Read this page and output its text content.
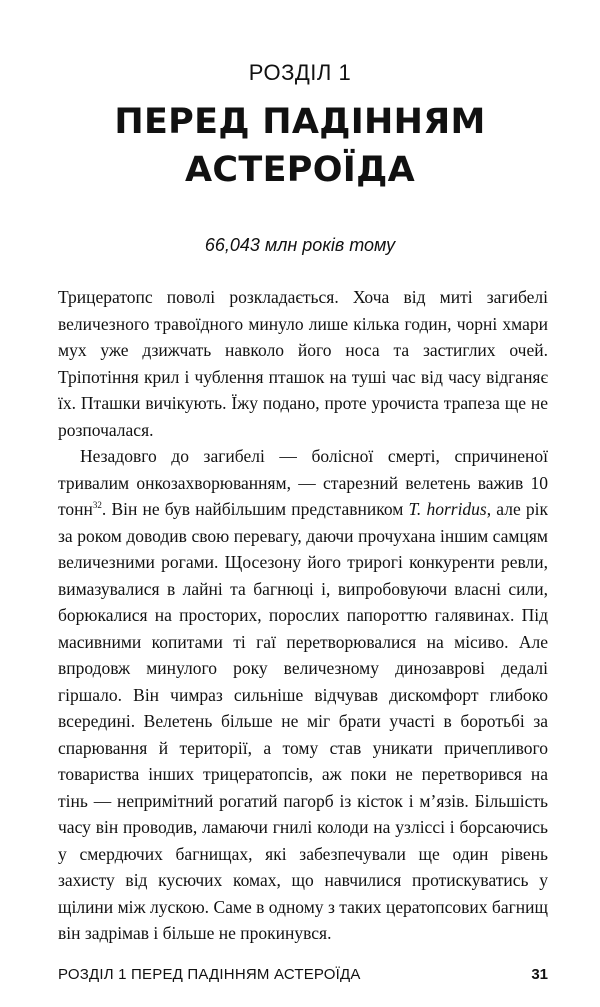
РОЗДІЛ 1
ПЕРЕД ПАДІННЯМ
АСТЕРОЇДА
66,043 млн років тому

Трицератопс поволі розкладається. Хоча від миті загибелі величезного травоїдного минуло лише кілька годин, чорні хмари мух уже дзижчать навколо його носа та застиглих очей. Тріпотіння крил і чублення пташок на туші час від часу відганяє їх. Пташки вичікують. Їжу подано, проте урочиста трапеза ще не розпочалася.

Незадовго до загибелі — болісної смерті, спричиненої тривалим онкозахворюванням, — старезний велетень важив 10 тонн$^{32}$. Він не був найбільшим представником T. horridus, але рік за роком доводив свою перевагу, даючи прочухана іншим самцям величезними рогами. Щосезону його трирогі конкуренти ревли, вимазувалися в лайні та багнюці і, випробовуючи власні сили, борюкалися на просторих, порослих папороттю галявинах. Під масивними копитами ті гаї перетворювалися на місиво. Але впродовж минулого року величезному динозаврові дедалі гіршало. Він чимраз сильніше відчував дискомфорт глибоко всередині. Велетень більше не міг брати участі в боротьбі за спарювання й території, а тому став уникати причепливого товариства інших трицератопсів, аж поки не перетворився на тінь — непримітний рогатий пагорб із кісток і м’язів. Більшість часу він проводив, ламаючи гнилі колоди на узліссі і борсаючись у смердючих багнищах, які забезпечували ще один рівень захисту від кусючих комах, що навчилися протискуватись у щілини між лускою. Саме в одному з таких цератопсових багнищ він задрімав і більше не прокинувся.

РОЗДІЛ 1 ПЕРЕД ПАДІННЯМ АСТЕРОЇДА	31
